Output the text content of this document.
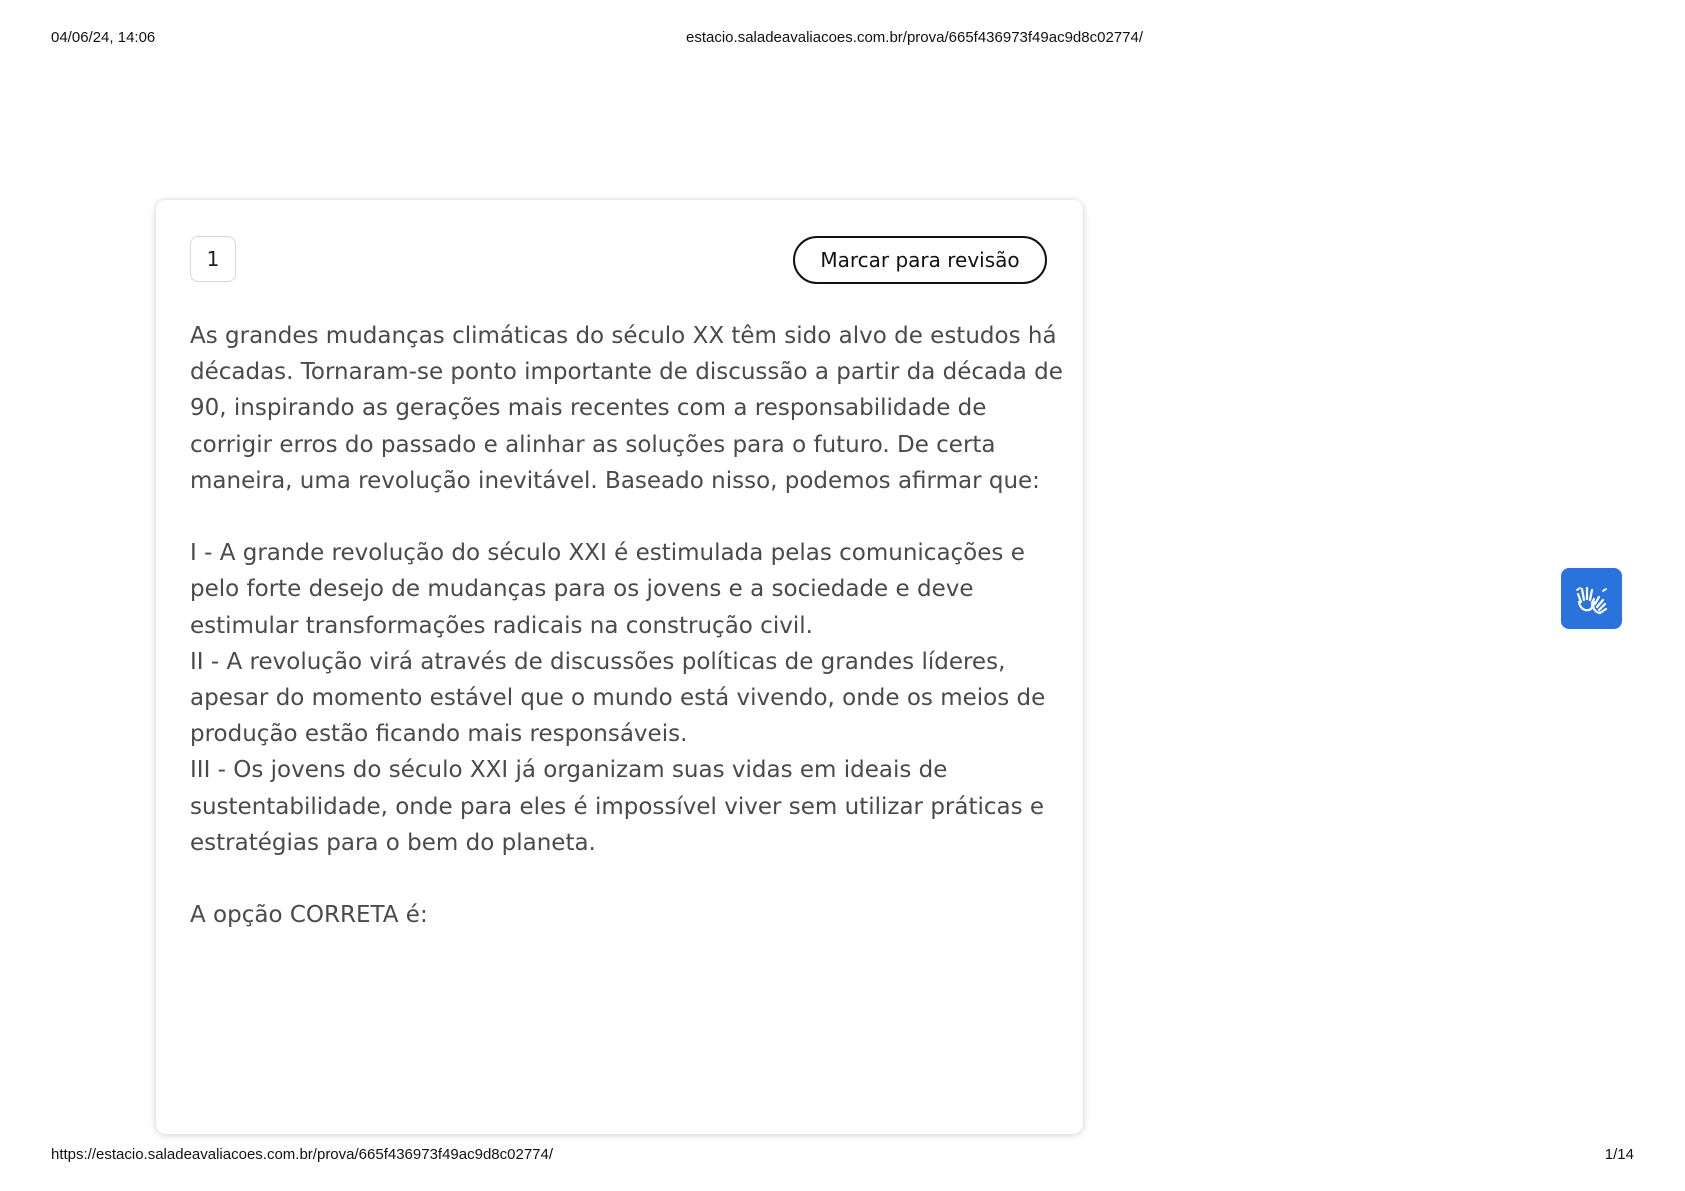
04/06/24, 14:06	estacio.saladeavaliacoes.com.br/prova/665f436973f49ac9d8c02774/
1	Marcar para revisão

As grandes mudanças climáticas do século XX têm sido alvo de estudos há décadas. Tornaram-se ponto importante de discussão a partir da década de 90, inspirando as gerações mais recentes com a responsabilidade de corrigir erros do passado e alinhar as soluções para o futuro. De certa maneira, uma revolução inevitável. Baseado nisso, podemos afirmar que:

I - A grande revolução do século XXI é estimulada pelas comunicações e pelo forte desejo de mudanças para os jovens e a sociedade e deve estimular transformações radicais na construção civil.

II - A revolução virá através de discussões políticas de grandes líderes, apesar do momento estável que o mundo está vivendo, onde os meios de produção estão ficando mais responsáveis.

III - Os jovens do século XXI já organizam suas vidas em ideais de sustentabilidade, onde para eles é impossível viver sem utilizar práticas e estratégias para o bem do planeta.

A opção CORRETA é:

https://estacio.saladeavaliacoes.com.br/prova/665f436973f49ac9d8c02774/	1/14
